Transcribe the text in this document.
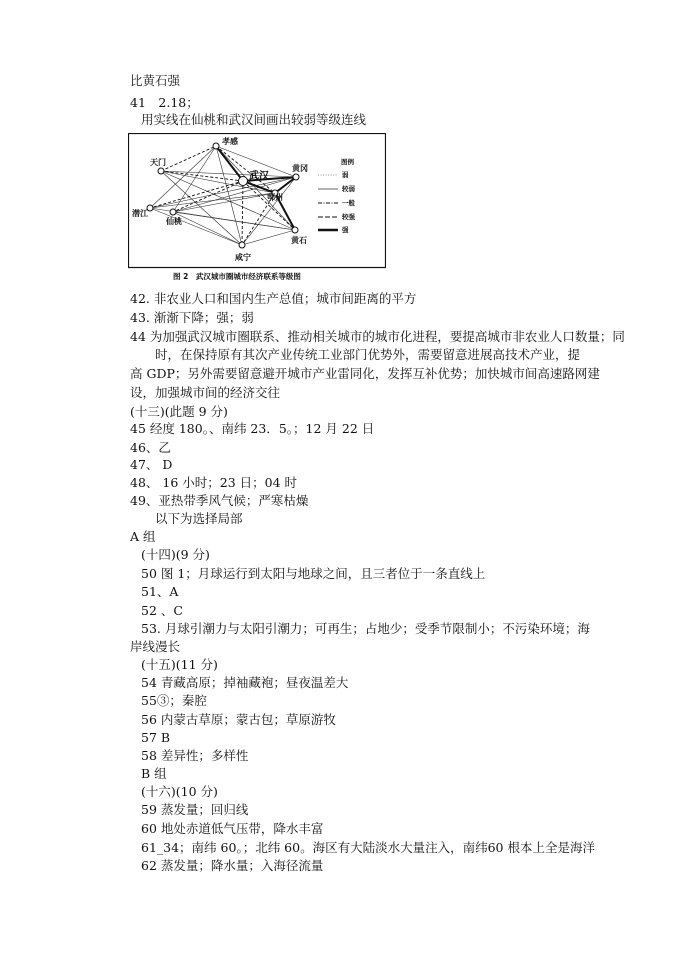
比黄石强
41　2.18；
用实线在仙桃和武汉间画出较弱等级连线
孝感
天门
武汉
黄冈
鄂州
潜江
仙桃
黄石
咸宁
图例
弱
较弱
一般
较强
强
图 2　武汉城市圈城市经济联系等级图
42. 非农业人口和国内生产总值；城市间距离的平方
43. 渐渐下降；强；弱
44 为加强武汉城市圈联系、推动相关城市的城市化进程，要提高城市非农业人口数量；同
时，在保持原有其次产业传统工业部门优势外，需要留意进展高技术产业，提
高 GDP；另外需要留意避开城市产业雷同化，发挥互补优势；加快城市间高速路网建
设，加强城市间的经济交往
(十三)(此题 9 分)
45 经度 180。、南纬 23．5。；12 月 22 日
46、乙
47、 D
48、 16 小时；23 日；04 时
49、亚热带季风气候；严寒枯燥
以下为选择局部
A 组
(十四)(9 分)
50 图 1；月球运行到太阳与地球之间，且三者位于一条直线上
51、A
52 、C
53. 月球引潮力与太阳引潮力；可再生；占地少；受季节限制小；不污染环境；海
岸线漫长
(十五)(11 分)
54 青藏高原；掉袖藏袍；昼夜温差大
55③；秦腔
56 内蒙古草原；蒙古包；草原游牧
57 B
58 差异性；多样性
B 组
(十六)(10 分)
59 蒸发量；回归线
60 地处赤道低气压带，降水丰富
61_34；南纬 60。；北纬 60。海区有大陆淡水大量注入，南纬60 根本上全是海洋
62 蒸发量；降水量；入海径流量
